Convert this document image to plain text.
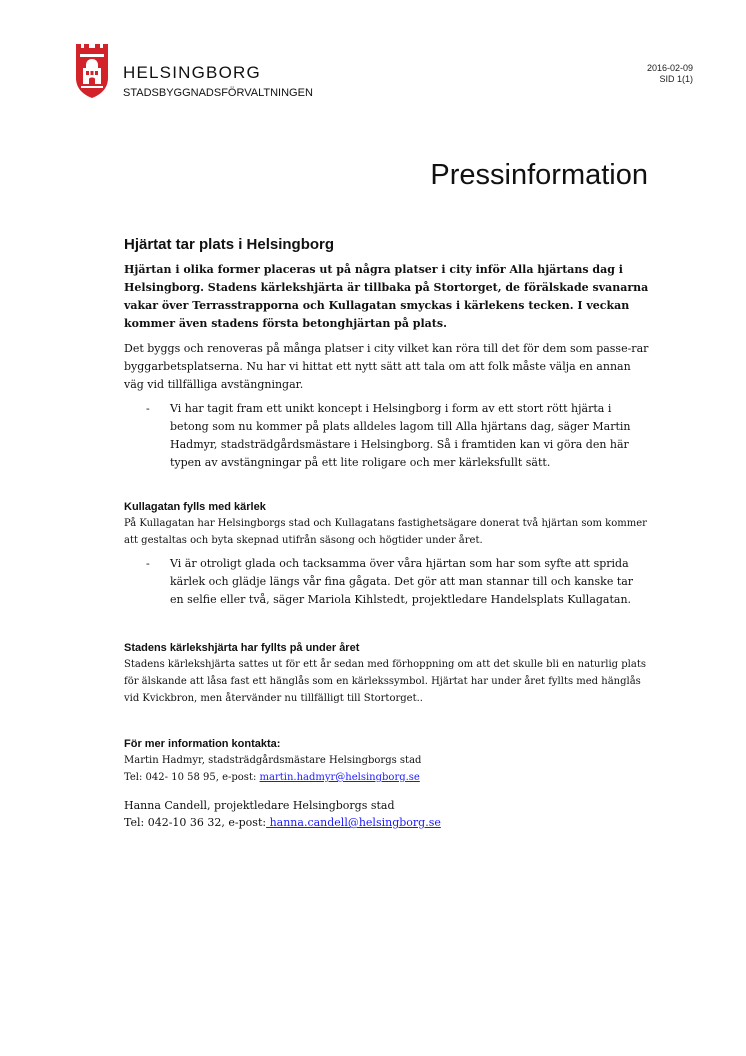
HELSINGBORG
STADSBYGGNADSFÖRVALTNINGEN
2016-02-09
SID 1(1)
Pressinformation
Hjärtat tar plats i Helsingborg

Hjärtan i olika former placeras ut på några platser i city inför Alla hjärtans dag i Helsingborg. Stadens kärlekshjärta är tillbaka på Stortorget, de förälskade svanarna vakar över Terrasstrapporna och Kullagatan smyckas i kärlekens tecken. I veckan kommer även stadens första betonghjärtan på plats.

Det byggs och renoveras på många platser i city vilket kan röra till det för dem som passe-rar byggarbetsplatserna. Nu har vi hittat ett nytt sätt att tala om att folk måste välja en annan väg vid tillfälliga avstängningar.

-	Vi har tagit fram ett unikt koncept i Helsingborg i form av ett stort rött hjärta i betong som nu kommer på plats alldeles lagom till Alla hjärtans dag, säger Martin Hadmyr, stadsträdgårdsmästare i Helsingborg. Så i framtiden kan vi göra den här typen av avstängningar på ett lite roligare och mer kärleksfullt sätt.

Kullagatan fylls med kärlek

På Kullagatan har Helsingborgs stad och Kullagatans fastighetsägare donerat två hjärtan som kommer att gestaltas och byta skepnad utifrån säsong och högtider under året.

-	Vi är otroligt glada och tacksamma över våra hjärtan som har som syfte att sprida kärlek och glädje längs vår fina gågata. Det gör att man stannar till och kanske tar en selfie eller två, säger Mariola Kihlstedt, projektledare Handelsplats Kullagatan.

Stadens kärlekshjärta har fyllts på under året

Stadens kärlekshjärta sattes ut för ett år sedan med förhoppning om att det skulle bli en naturlig plats för älskande att låsa fast ett hänglås som en kärlekssymbol. Hjärtat har under året fyllts med hänglås vid Kvickbron, men återvänder nu tillfälligt till Stortorget..

För mer information kontakta:

Martin Hadmyr, stadsträdgårdsmästare Helsingborgs stad

Tel: 042- 10 58 95, e-post: martin.hadmyr@helsingborg.se

Hanna Candell, projektledare Helsingborgs stad

Tel: 042-10 36 32, e-post: hanna.candell@helsingborg.se
